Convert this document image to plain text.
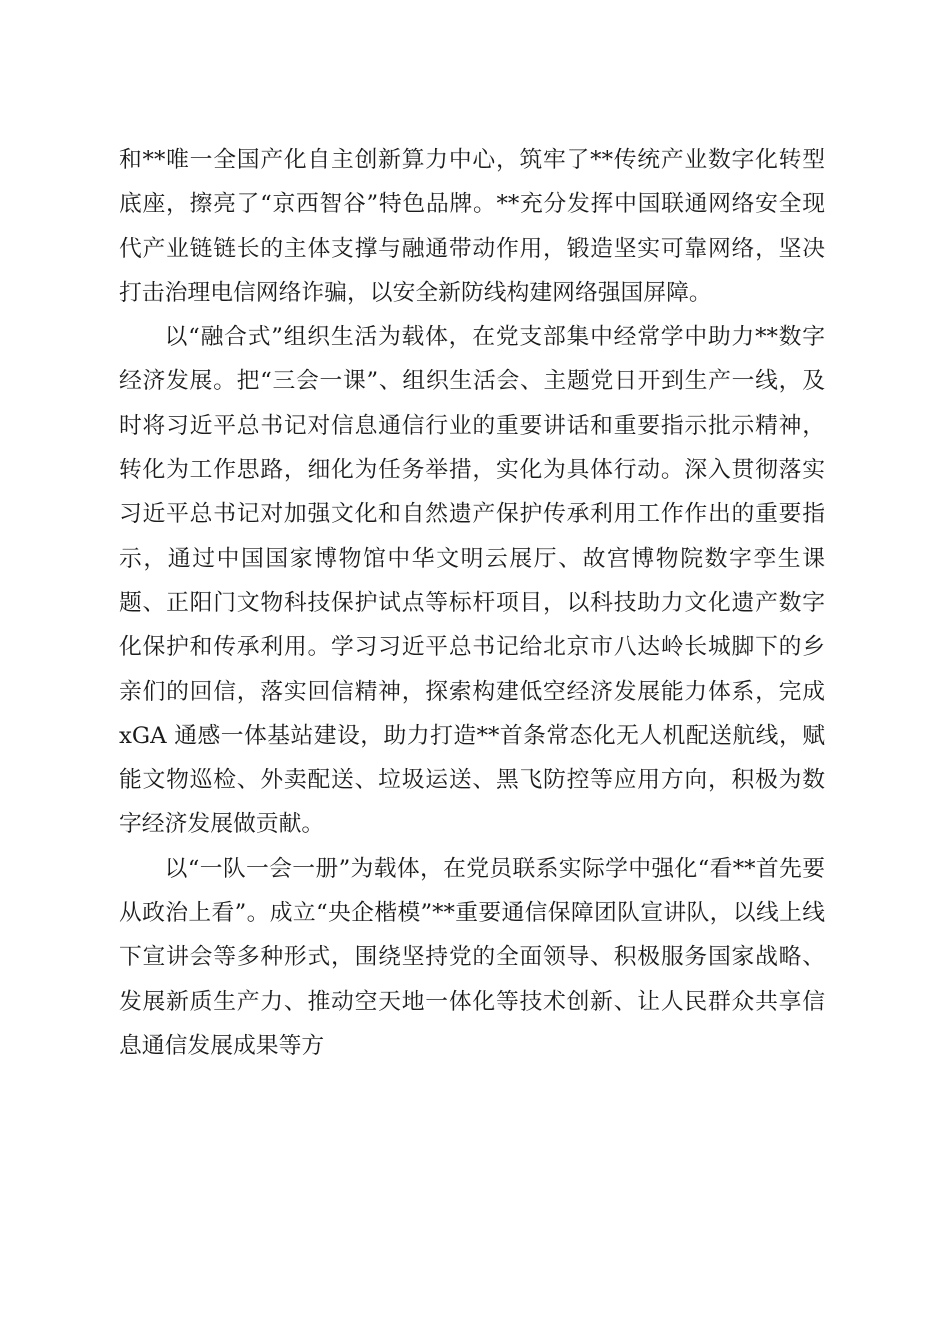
和**唯一全国产化自主创新算力中心，筑牢了**传统产业数字化转型底座，擦亮了“京西智谷”特色品牌。**充分发挥中国联通网络安全现代产业链链长的主体支撑与融通带动作用，锻造坚实可靠网络，坚决打击治理电信网络诈骗，以安全新防线构建网络强国屏障。

以“融合式”组织生活为载体，在党支部集中经常学中助力**数字经济发展。把“三会一课”、组织生活会、主题党日开到生产一线，及时将习近平总书记对信息通信行业的重要讲话和重要指示批示精神，转化为工作思路，细化为任务举措，实化为具体行动。深入贯彻落实习近平总书记对加强文化和自然遗产保护传承利用工作作出的重要指示，通过中国国家博物馆中华文明云展厅、故宫博物院数字孪生课题、正阳门文物科技保护试点等标杆项目，以科技助力文化遗产数字化保护和传承利用。学习习近平总书记给北京市八达岭长城脚下的乡亲们的回信，落实回信精神，探索构建低空经济发展能力体系，完成 xGA 通感一体基站建设，助力打造**首条常态化无人机配送航线，赋能文物巡检、外卖配送、垃圾运送、黑飞防控等应用方向，积极为数字经济发展做贡献。

以“一队一会一册”为载体，在党员联系实际学中强化“看**首先要从政治上看”。成立“央企楷模”**重要通信保障团队宣讲队，以线上线下宣讲会等多种形式，围绕坚持党的全面领导、积极服务国家战略、发展新质生产力、推动空天地一体化等技术创新、让人民群众共享信息通信发展成果等方
